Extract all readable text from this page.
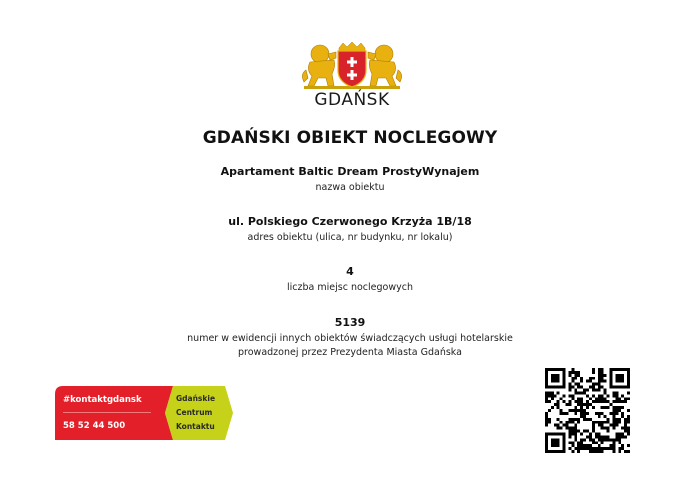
GDAŃSK
GDAŃSKI OBIEKT NOCLEGOWY
Apartament Baltic Dream ProstyWynajem
nazwa obiektu
ul. Polskiego Czerwonego Krzyża 1B/18
adres obiektu (ulica, nr budynku, nr lokalu)
4
liczba miejsc noclegowych
5139
numer w ewidencji innych obiektów świadczących usługi hotelarskie
prowadzonej przez Prezydenta Miasta Gdańska
#kontaktgdansk
58 52 44 500
Gdańskie
Centrum
Kontaktu
